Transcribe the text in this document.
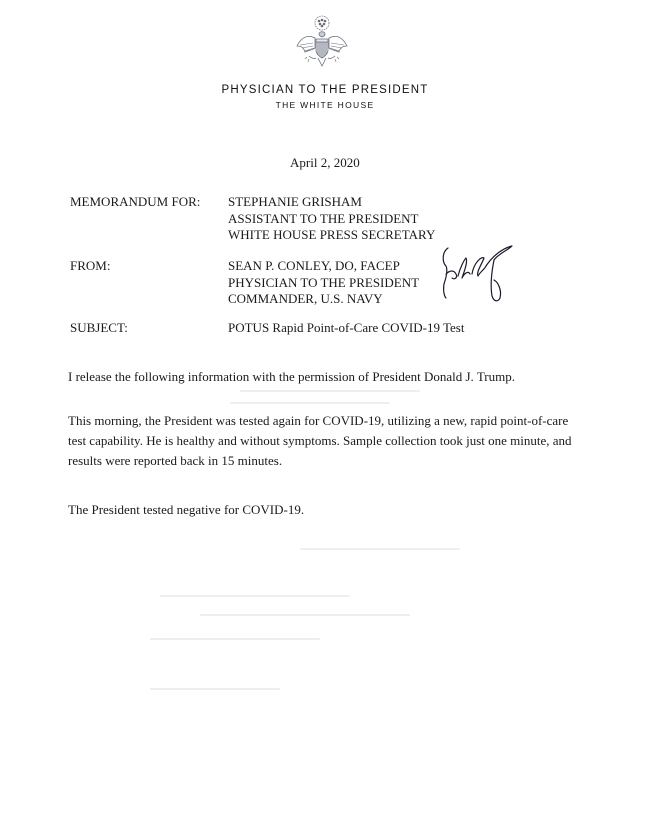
PHYSICIAN TO THE PRESIDENT
THE WHITE HOUSE
April 2, 2020
MEMORANDUM FOR: STEPHANIE GRISHAM
ASSISTANT TO THE PRESIDENT
WHITE HOUSE PRESS SECRETARY
FROM:	SEAN P. CONLEY, DO, FACEP
PHYSICIAN TO THE PRESIDENT
COMMANDER, U.S. NAVY
SUBJECT:	POTUS Rapid Point-of-Care COVID-19 Test
I release the following information with the permission of President Donald J. Trump.
This morning, the President was tested again for COVID-19, utilizing a new, rapid point-of-care test capability. He is healthy and without symptoms. Sample collection took just one minute, and results were reported back in 15 minutes.
The President tested negative for COVID-19.
